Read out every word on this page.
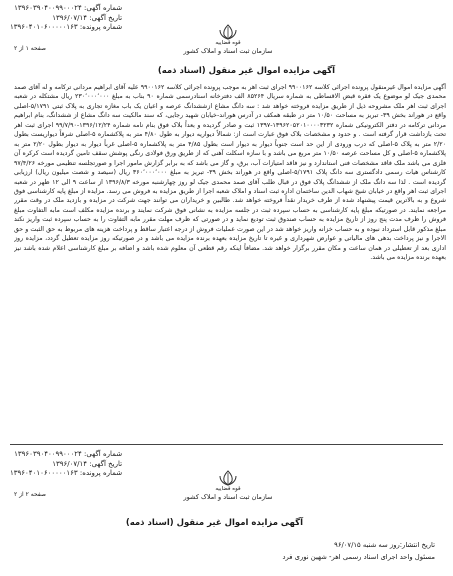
شماره آگهی: ۱۳۹۶۰۳۹۰۴۰۰۹۹۰۰۰۲۴
تاریخ آگهی: ۱۳۹۶/۰۷/۱۴
شماره پرونده: ۱۳۹۶۰۴۰۱۰۶۰۰۰۰۰۱۶۳
قوه قضاییه
سازمان ثبت اسناد و املاک کشور
صفحه ۱ از ۲
آگهی مزایده اموال غیر منقول (اسناد ذمه)

آگهی مزایده اموال غیرمنقول پرونده اجرائی کلاسه ۹۹۰۰۱۶۲ اجرای ثبت اهر به موجب پرونده اجرائی کلاسه ۹۹۰۰۱۶۲ علیه آقای ابراهیم مردانی ترکامه و له آقای صمد محمدی جیک لو موضوع یک فقره قبض الاقساطی به شماره سریال ۸۵۲۶۴ الف دفترخانه اسنادرسمی شماره ۹۰ بناب به مبلغ ۲۳۰٬۰۰۰٬۰۰۰ ریال مشتکله در شعبه اجرای ثبت اهر ملک مشروحه ذیل از طریق مزایده فروخته خواهد شد : سه دانگ مشاع ازششدانگ عرصه و اعیان یک باب مغازه تجاری به پلاک ثبتی ۵/۱۷۹۱-اصلی واقع در هوراند بخش ۳۹- تبریز به مساحت ۱۰/۵۰ متر در طبقه همکف در آدرس هوراند-خیابان شهید رجایی، که سند مالکیت سه دانگ مشاع از ششدانگ، بنام ابراهیم مردانی ترکامه در دفتر الکترونیکی شماره ۱۳۹۶۲۰۵۲۰۱۰۰۰۰۳۲۳۲-۱۳۹۷ ثبت و صادر گردیده و بعداً بلاک فوق بنام نامه شماره ۱۳۹۶/۱۲/۲۴-۹۹/۷/۹۰ اجرای ثبت اهر تحت بازداشت قرار گرفته است . و حدود و مشخصات بلاک فوق عبارت است از: شمالاً دیواریه دیوار به طول ۴/۸۰ متر به پلاکشماره ۵-اصلی شرقاً دیواریست بطول ۲/۲۰ متر به پلاک ۵-اصلی که درب ورودی از این حد است جنوباً دیوار به دیوار است بطول ۴/۸۵ متر به پلاکشماره ۵-اصلی غرباً دیوار به دیوار بطول ۲/۲۰ متر به پلاکشماره ۵-اصلی و کل مساحت عرصه ۱۰/۵۰ متر مربع می باشد و با سازه اسکلت آهنی که از طریق ورق فولادی رنگی پوشش سقف تامین گردیده است کرکره آن فلزی می باشد ملک فاقد مشخصات فنی استاندارد و نیز فاقد امتیازات آب، برق، و گاز می باشد که به برابر گزارش مامور اجرا و صورتجلسه تنظیمی مورخه ۹۷/۴/۲۶ کارشناس هیات رسمی دادگستری سه دانگ پلاک ۵/۱۷۹۱-اصلی واقع در هوراند بخش ۳۹- تبریز به مبلغ ۳۶۰٬۰۰۰٬۰۰۰ ریال (سیصد و شصت میلیون ریال) ارزیابی گردیده است . لذا سه دانگ ملک از ششدانگ پلاک فوق در قبال طلب آقای صمد محمدی جیک لو روز چهارشنبه مورخه ۱۳۹۶/۸/۳ از ساعت ۹ الی ۱۲ ظهر در شعبه اجرای ثبت اهر واقع در خیابان شیخ شهاب الدین ساختمان اداره ثبت اسناد و املاک شعبه اجرا از طریق مزایده به فروش می رسد. مزایده از مبلغ پایه کارشناسی فوق شروع و به بالاترین قیمت پیشنهاد شده از طرف خریدار نقداً فروخته خواهد شد. طالبین و خریداران می توانند جهت شرکت در مزایده و بازدید ملک در وقت مقرر مراجعه نمایند. در صورتیکه مبلغ پایه کارشناسی به حساب سپرده ثبت در جلسه مزایده به نشانی فوق شرکت نمایند و برنده مزایده مکلف است مابه التفاوت مبلغ فروش را ظرف مدت پنج روز از تاریخ مزایده به حساب صندوق ثبت تودیع نماید و در صورتی که ظرف مهلت مقرر مابه التفاوت را به حساب سپرده ثبت واریز نکند مبلغ مذکور قابل استرداد نبوده و به حساب خزانه واریز خواهد شد در این صورت عملیات فروش از درجه اعتبار ساقط و پرداخت هزینه های مربوط به حق الثبت و حق الاجرا و نیز پرداخت بدهی های مالیاتی و عوارض شهرداری و غیره تا تاریخ مزایده بعهده برنده مزایده می باشد و در صورتیکه روز مزایده تعطیل گردد، مزایده روز اداری بعد از تعطیلی در همان ساعت و مکان مقرر برگزار خواهد شد. مضافاً اینکه رقم قطعی آن معلوم شده باشد و اضافه بر مبلغ کارشناسی اعلام شده باشد نیز بعهده برنده مزایده می باشد.

شماره آگهی: ۱۳۹۶۰۳۹۰۴۰۰۹۹۰۰۰۲۴
تاریخ آگهی: ۱۳۹۶/۰۷/۱۴
شماره پرونده: ۱۳۹۶۰۴۰۱۰۶۰۰۰۰۰۱۶۳
قوه قضاییه
سازمان ثبت اسناد و املاک کشور
صفحه ۲ از ۲
آگهی مزایده اموال غیر منقول (اسناد ذمه)
تاریخ انتشار:روز سه شنبه ۹۶/۰۷/۱۵
مسئول واحد اجرای اسناد رسمی اهر- شهین نوری فرد
